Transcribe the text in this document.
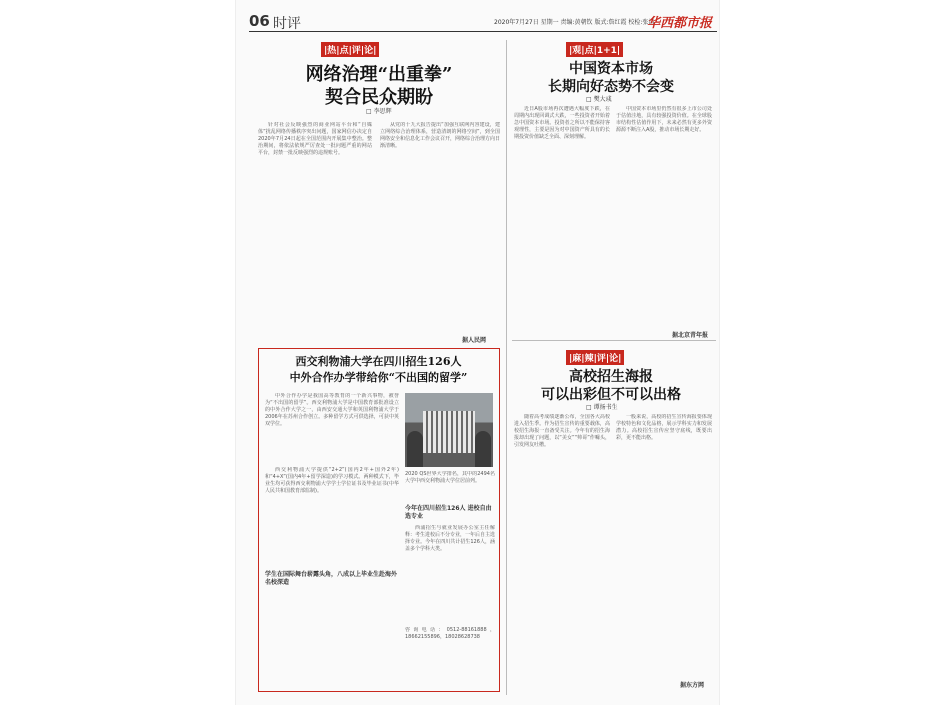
06 时评	2020年7月27日 星期一 责编:黄朝钦 版式:詹红霞 校检:张浩
华西都市报
|热|点|评|论|
网络治理“出重拳”
契合民众期盼
□ 李思辉

针对社会反映强烈的商业网站平台和“自媒体”扰乱网络传播秩序突出问题，国家网信办决定自2020年7月24日起在全国范围内开展集中整治。整治期间，将依法依规严厉查处一批问题严重的网站平台，封禁一批反映强烈的违规账号。

从党的十九大报告提出“加强互联网内容建设，建立网络综合治理体系，营造清朗的网络空间”，到全国网络安全和信息化工作会议召开，网络综合治理方向日渐清晰。

据人民网
|观|点|1+1|
中国资本市场
长期向好态势不会变
□ 樊大彧

近日A股市场再次遭遇大幅度下跌，在周期内出现回调式大跌，一些投资者开始着急中国资本市场。投资者之所以不能保持客观理性，主要是因为对中国资产所具有的长期投资价值缺乏全面、深刻理解。

中国资本市场里仍然有很多上市公司处于估值洼地，具有较强投资价值。在全球股市结构性估值作用下，未来必然有更多外资源源不断注入A股，推动市场长期走好。

据北京青年报
西交利物浦大学在四川招生126人
中外合作办学带给你“不出国的留学”

中外合作办学是我国高等教育的一个新兴事物，被誉为“不出国的留学”。西交利物浦大学是中国教育部批准设立的中外合作大学之一，由西安交通大学和英国利物浦大学于2006年在苏州合作创立。多种留学方式可供选择，可获中英双学位。

2020 QS世界大学排名，其中的2494名大学中西交利物浦大学位居前列。

西交利物浦大学提供“2+2”(国内2年+国外2年)和“4+X”(国内4年+留学深造)的学习模式。两种模式下，毕业生均可获得西交利物浦大学学士学位证书及毕业证书(中华人民共和国教育部监制)。

今年在四川招生126人 进校自由选专业

西浦招生与就业发展办公室主任解释：考生进校后不分专业，一年后自主选择专业。今年在四川共计招生126人，涵盖多个学科大类。

学生在国际舞台崭露头角，八成以上毕业生赴海外名校深造

咨询电话：0512-88161888，18662155896，18028628738

|麻|辣|评|论|
高校招生海报
可以出彩但不可以出格
□ 谭扬书生

随着高考成绩逐渐公布，全国各大高校进入招生季。作为招生宣传的重要载体，高校招生海报一直备受关注。今年有的招生海报却出现了问题，以“美女”“帅哥”作噱头，引发网友吐槽。

一般来说，高校的招生宣传海报要体现学校特色和文化品格，展示学科实力和发展潜力。高校招生宣传应坚守底线，既要出彩，更不能出格。

据东方网
